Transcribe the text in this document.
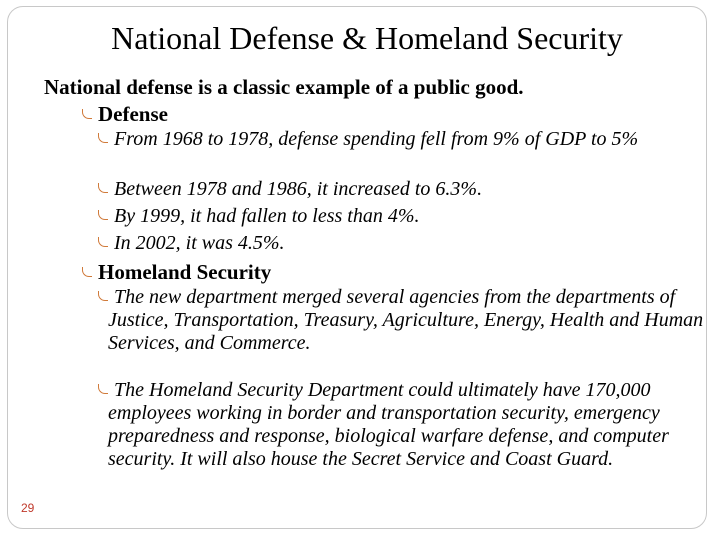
National Defense & Homeland Security
National defense is a classic example of a public good.
Defense
From 1968 to 1978, defense spending fell from 9% of GDP to 5%
Between 1978 and 1986, it increased to 6.3%.
By 1999, it had fallen to less than 4%.
In 2002, it was 4.5%.
Homeland Security
The new department merged several agencies from the departments of Justice, Transportation, Treasury, Agriculture, Energy, Health and Human Services, and Commerce.
The Homeland Security Department could ultimately have 170,000 employees working in border and transportation security, emergency preparedness and response, biological warfare defense, and computer security. It will also house the Secret Service and Coast Guard.
29
